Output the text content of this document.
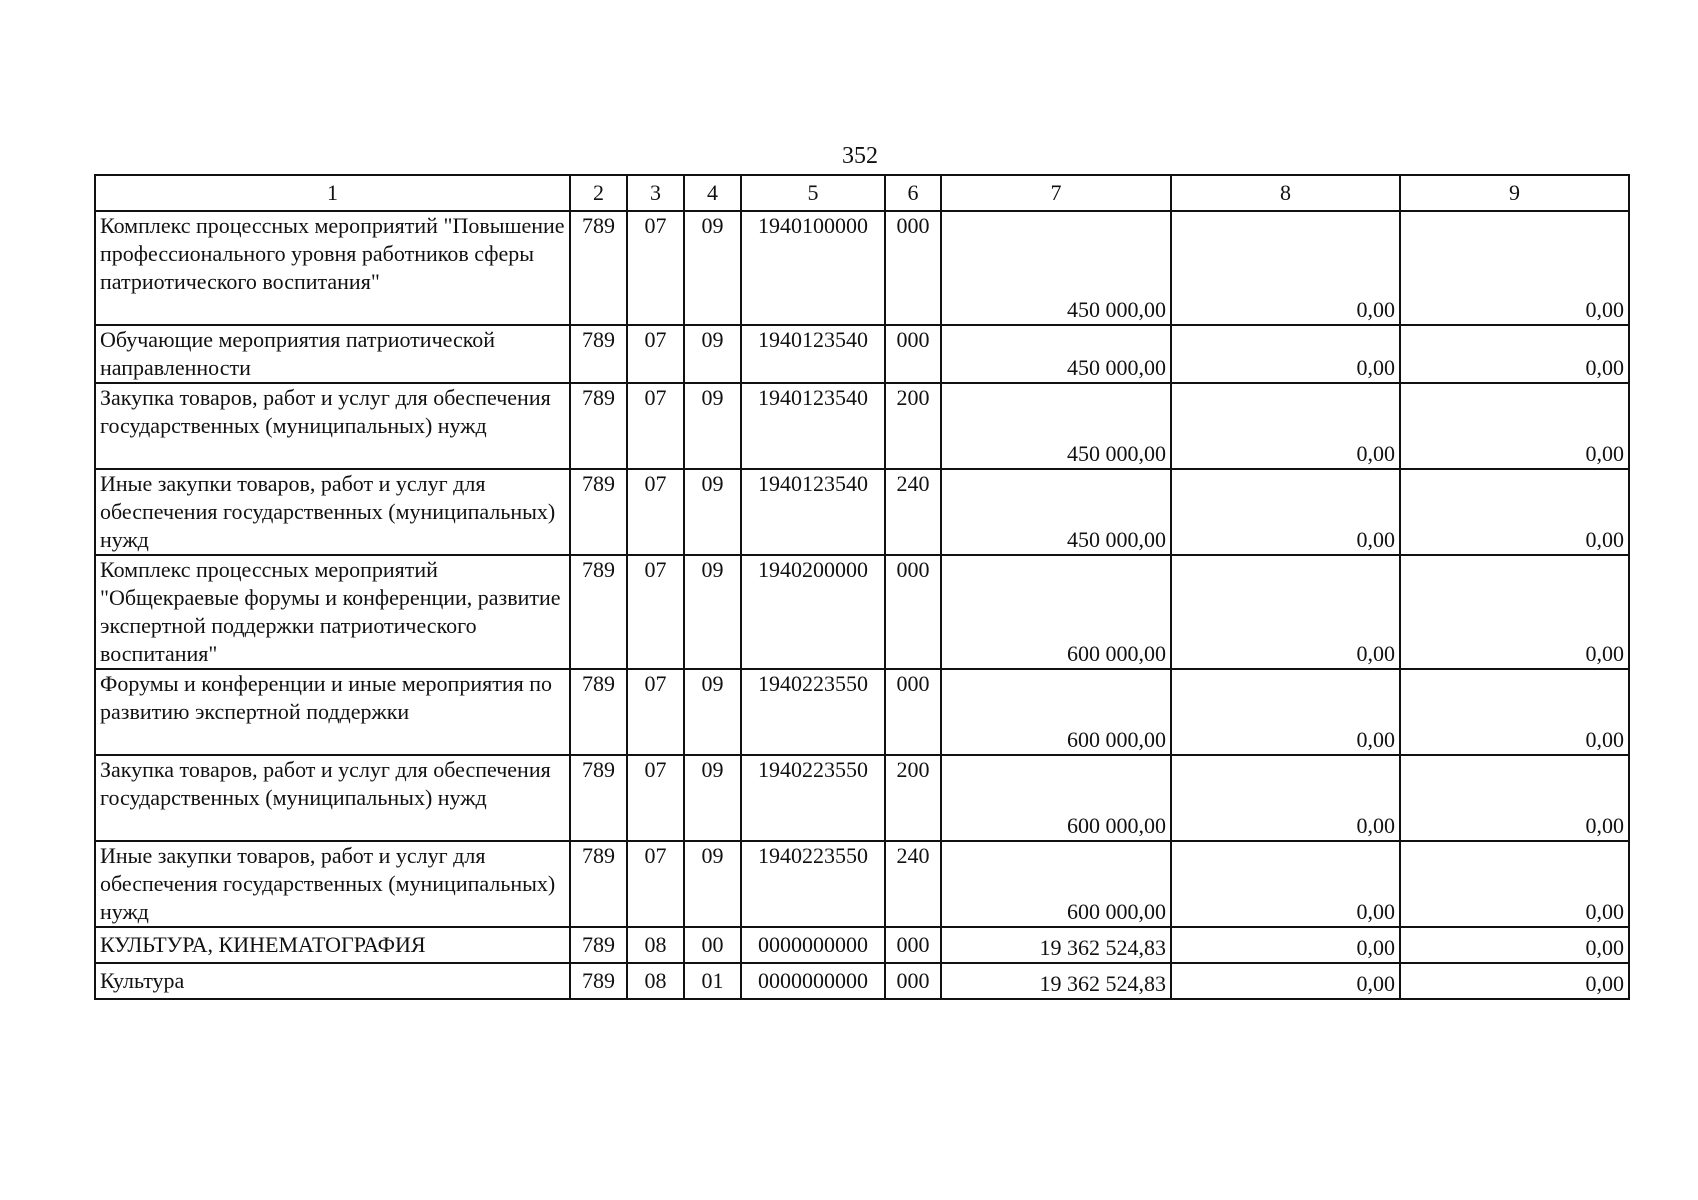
352
1	2	3	4	5	6	7	8	9
Комплекс процессных мероприятий "Повышение профессионального уровня работников сферы патриотического воспитания"	789	07	09	1940100000	000	450 000,00	0,00	0,00
Обучающие мероприятия патриотической направленности	789	07	09	1940123540	000	450 000,00	0,00	0,00
Закупка товаров, работ и услуг для обеспечения государственных (муниципальных) нужд	789	07	09	1940123540	200	450 000,00	0,00	0,00
Иные закупки товаров, работ и услуг для обеспечения государственных (муниципальных) нужд	789	07	09	1940123540	240	450 000,00	0,00	0,00
Комплекс процессных мероприятий "Общекраевые форумы и конференции, развитие экспертной поддержки патриотического воспитания"	789	07	09	1940200000	000	600 000,00	0,00	0,00
Форумы и конференции и иные мероприятия по развитию экспертной поддержки	789	07	09	1940223550	000	600 000,00	0,00	0,00
Закупка товаров, работ и услуг для обеспечения государственных (муниципальных) нужд	789	07	09	1940223550	200	600 000,00	0,00	0,00
Иные закупки товаров, работ и услуг для обеспечения государственных (муниципальных) нужд	789	07	09	1940223550	240	600 000,00	0,00	0,00
КУЛЬТУРА, КИНЕМАТОГРАФИЯ	789	08	00	0000000000	000	19 362 524,83	0,00	0,00
Культура	789	08	01	0000000000	000	19 362 524,83	0,00	0,00
